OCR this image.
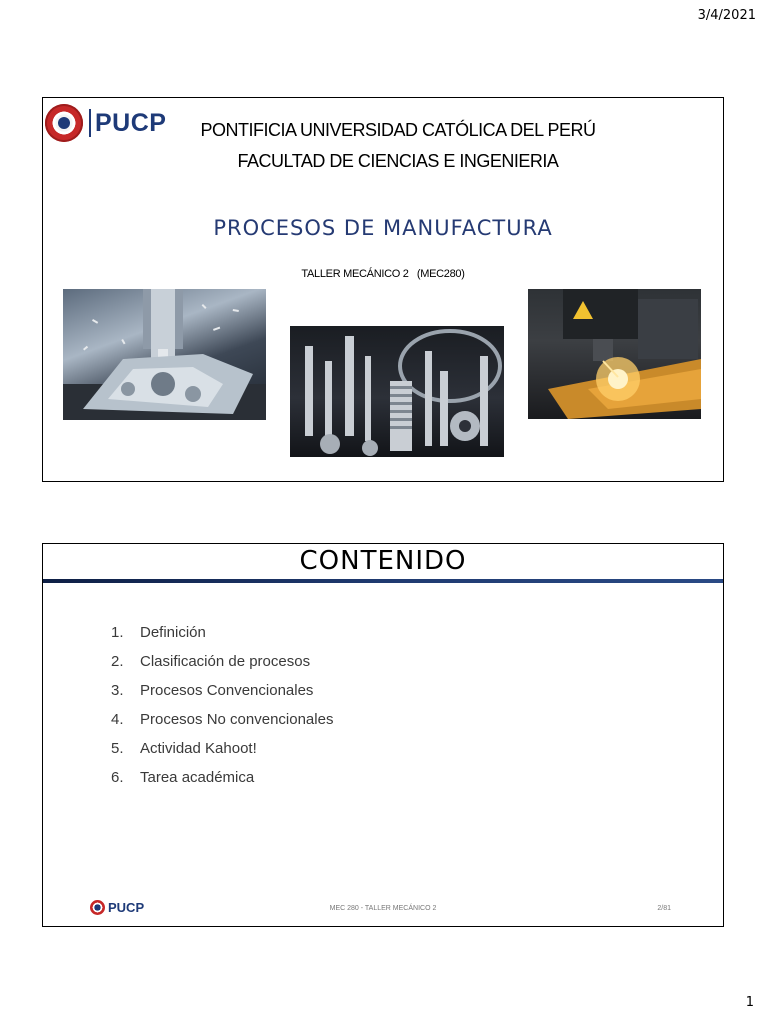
3/4/2021
PUCP	PONTIFICIA UNIVERSIDAD CATÓLICA DEL PERÚ
FACULTAD DE CIENCIAS E INGENIERIA
PROCESOS DE MANUFACTURA
TALLER MECÁNICO 2   (MEC280)
CONTENIDO
1.	Definición
2.	Clasificación de procesos
3.	Procesos Convencionales
4.	Procesos No convencionales
5.	Actividad Kahoot!
6.	Tarea académica
PUCP	MEC 280 - TALLER MECÁNICO 2	2/81
1
